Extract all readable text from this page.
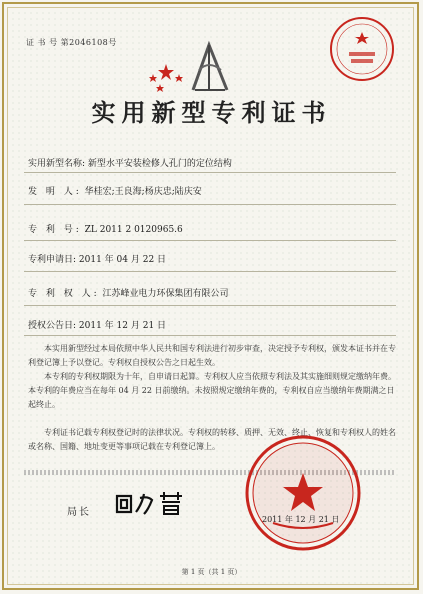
证 书 号 第2046108号
实用新型专利证书
实用新型名称: 新型水平安装检修人孔门的定位结构
发 明 人: 华桂宏;王良海;杨庆忠;陆庆安
专 利 号: ZL 2011 2 0120965.6
专利申请日: 2011 年 04 月 22 日
专 利 权 人: 江苏峰业电力环保集团有限公司
授权公告日: 2011 年 12 月 21 日
本实用新型经过本局依照中华人民共和国专利法进行初步审查，决定授予专利权，颁发本证书并在专利登记簿上予以登记。专利权自授权公告之日起生效。
本专利的专利权期限为十年，自申请日起算。专利权人应当依照专利法及其实施细则规定缴纳年费。本专利的年费应当在每年 04 月 22 日前缴纳。未按照规定缴纳年费的，专利权自应当缴纳年费期满之日起终止。
专利证书记载专利权登记时的法律状况。专利权的转移、质押、无效、终止、恢复和专利权人的姓名或名称、国籍、地址变更等事项记载在专利登记簿上。
局长
2011 年 12 月 21 日
第 1 页（共 1 页）
